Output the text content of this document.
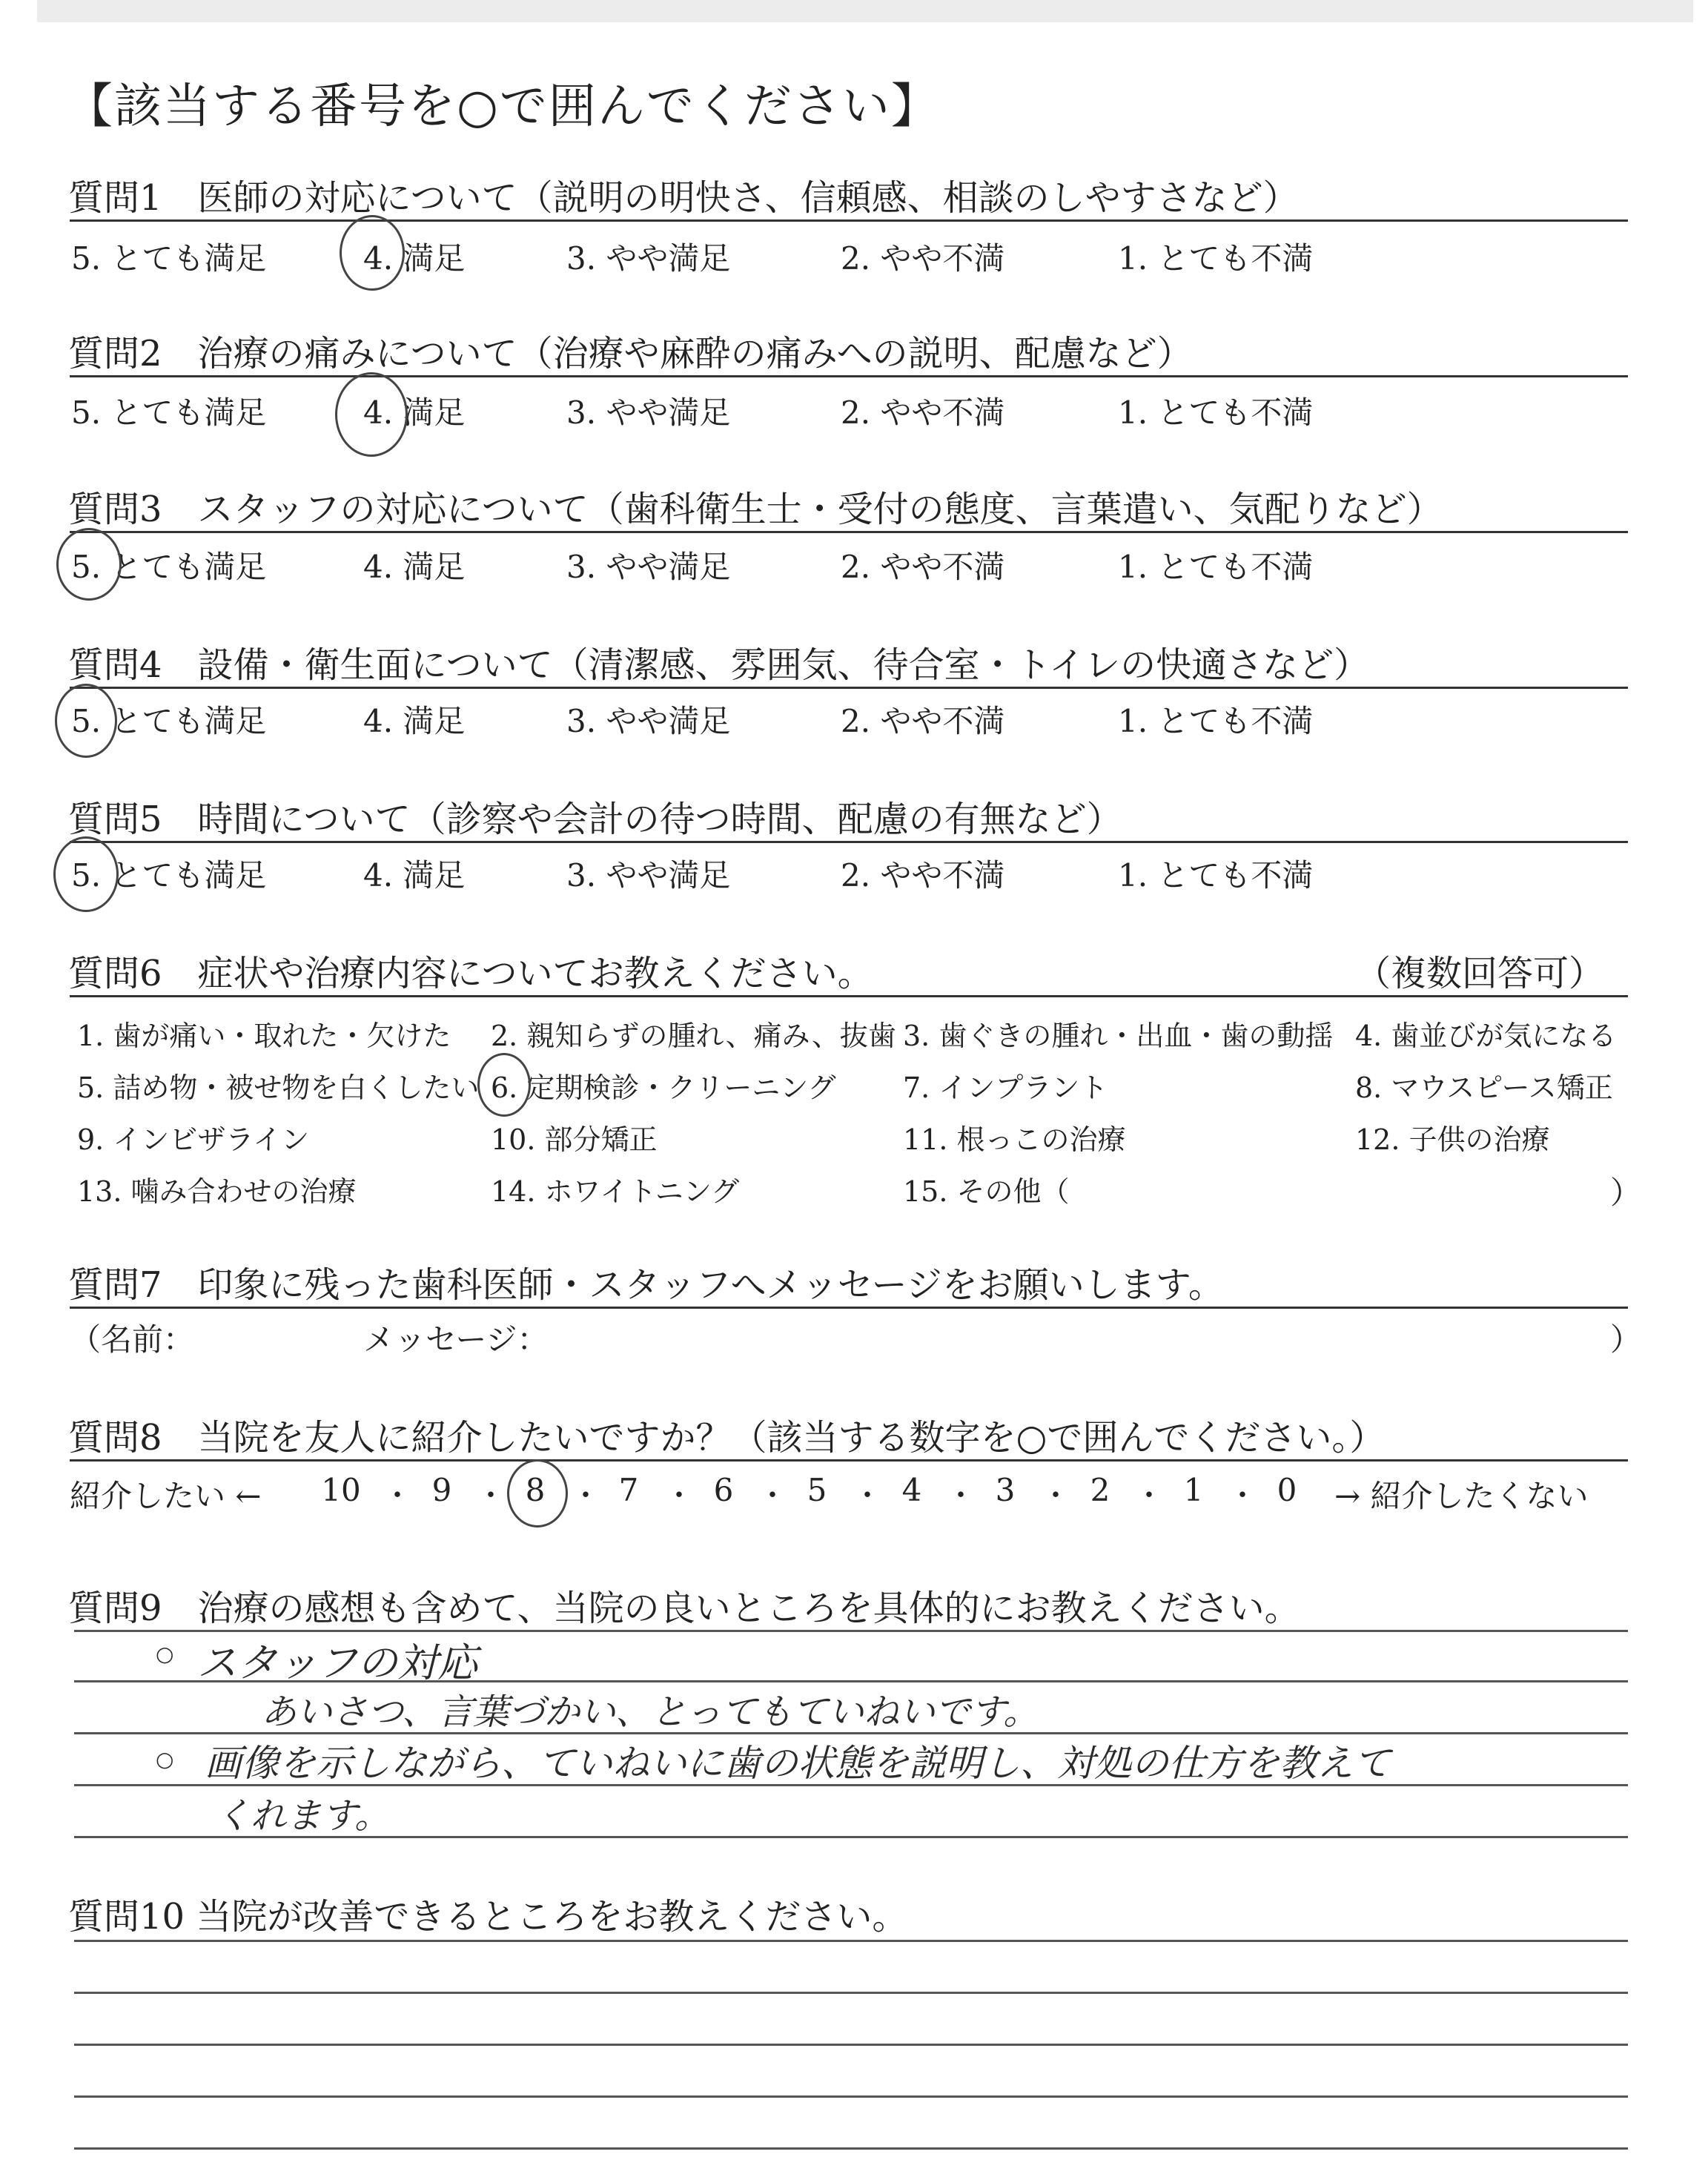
【該当する番号を○で囲んでください】
質問1　医師の対応について（説明の明快さ、信頼感、相談のしやすさなど）
5. とても満足	4. 満足	3. やや満足	2. やや不満	1. とても不満
質問2　治療の痛みについて（治療や麻酔の痛みへの説明、配慮など）
5. とても満足	4. 満足	3. やや満足	2. やや不満	1. とても不満
質問3　スタッフの対応について（歯科衛生士・受付の態度、言葉遣い、気配りなど）
5. とても満足	4. 満足	3. やや満足	2. やや不満	1. とても不満
質問4　設備・衛生面について（清潔感、雰囲気、待合室・トイレの快適さなど）
5. とても満足	4. 満足	3. やや満足	2. やや不満	1. とても不満
質問5　時間について（診察や会計の待つ時間、配慮の有無など）
5. とても満足	4. 満足	3. やや満足	2. やや不満	1. とても不満
質問6　症状や治療内容についてお教えください。	（複数回答可）
1. 歯が痛い・取れた・欠けた 2. 親知らずの腫れ、痛み、抜歯 3. 歯ぐきの腫れ・出血・歯の動揺 4. 歯並びが気になる
5. 詰め物・被せ物を白くしたい 6. 定期検診・クリーニング 7. インプラント	8. マウスピース矯正
9. インビザライン	10. 部分矯正	11. 根っこの治療	12. 子供の治療
13. 噛み合わせの治療	14. ホワイトニング	15. その他（	）
質問7　印象に残った歯科医師・スタッフへメッセージをお願いします。
（名前：	メッセージ：	）
質問8　当院を友人に紹介したいですか？（該当する数字を○で囲んでください。）
紹介したい ← 10 ・ 9 ・ 8 ・ 7 ・ 6 ・ 5 ・ 4 ・ 3 ・ 2 ・ 1 ・ 0	→ 紹介したくない
質問9　治療の感想も含めて、当院の良いところを具体的にお教えください。
○ スタッフの対応
あいさつ、言葉づかい、とってもていねいです。
○ 画像を示しながら、ていねいに歯の状態を説明し、対処の仕方を教えて
くれます。
質問10 当院が改善できるところをお教えください。
